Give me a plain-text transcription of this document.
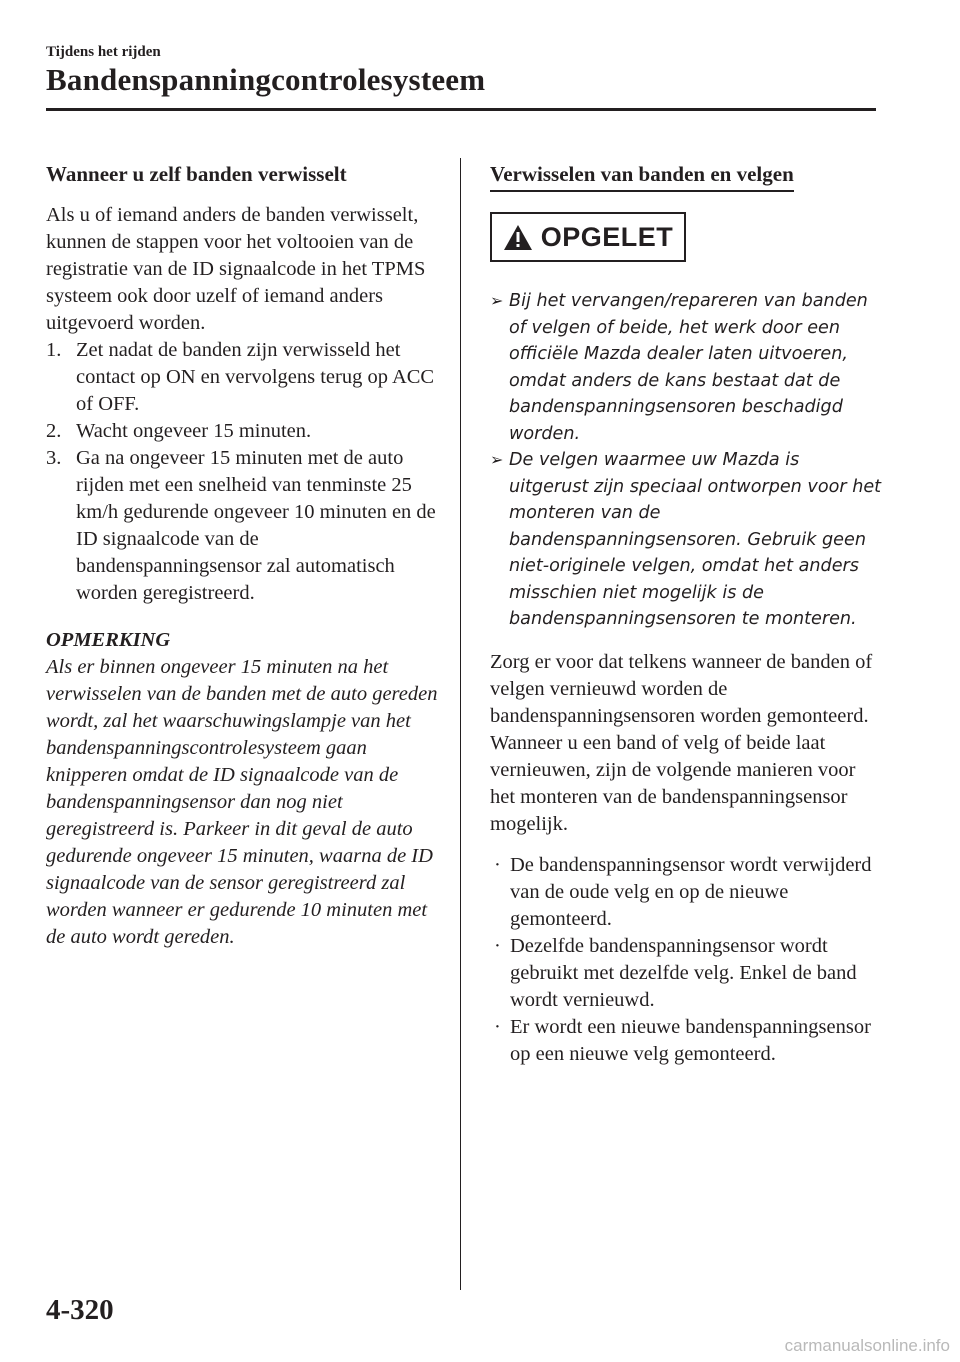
Tijdens het rijden
Bandenspanningcontrolesysteem
Wanneer u zelf banden verwisselt

Als u of iemand anders de banden verwisselt, kunnen de stappen voor het voltooien van de registratie van de ID signaalcode in het TPMS systeem ook door uzelf of iemand anders uitgevoerd worden.

1. Zet nadat de banden zijn verwisseld het contact op ON en vervolgens terug op ACC of OFF.
2. Wacht ongeveer 15 minuten.
3. Ga na ongeveer 15 minuten met de auto rijden met een snelheid van tenminste 25 km/h gedurende ongeveer 10 minuten en de ID signaalcode van de bandenspanningsensor zal automatisch worden geregistreerd.

OPMERKING

Als er binnen ongeveer 15 minuten na het verwisselen van de banden met de auto gereden wordt, zal het waarschuwingslampje van het bandenspanningscontrolesysteem gaan knipperen omdat de ID signaalcode van de bandenspanningsensor dan nog niet geregistreerd is. Parkeer in dit geval de auto gedurende ongeveer 15 minuten, waarna de ID signaalcode van de sensor geregistreerd zal worden wanneer er gedurende 10 minuten met de auto wordt gereden.

Verwisselen van banden en velgen
OPGELET
➢ Bij het vervangen/repareren van banden of velgen of beide, het werk door een officiële Mazda dealer laten uitvoeren, omdat anders de kans bestaat dat de bandenspanningsensoren beschadigd worden.
➢ De velgen waarmee uw Mazda is uitgerust zijn speciaal ontworpen voor het monteren van de bandenspanningsensoren. Gebruik geen niet-originele velgen, omdat het anders misschien niet mogelijk is de bandenspanningsensoren te monteren.

Zorg er voor dat telkens wanneer de banden of velgen vernieuwd worden de bandenspanningsensoren worden gemonteerd.
Wanneer u een band of velg of beide laat vernieuwen, zijn de volgende manieren voor het monteren van de bandenspanningsensor mogelijk.

· De bandenspanningsensor wordt verwijderd van de oude velg en op de nieuwe gemonteerd.
· Dezelfde bandenspanningsensor wordt gebruikt met dezelfde velg. Enkel de band wordt vernieuwd.
· Er wordt een nieuwe bandenspanningsensor op een nieuwe velg gemonteerd.
4-320
carmanualsonline.info
